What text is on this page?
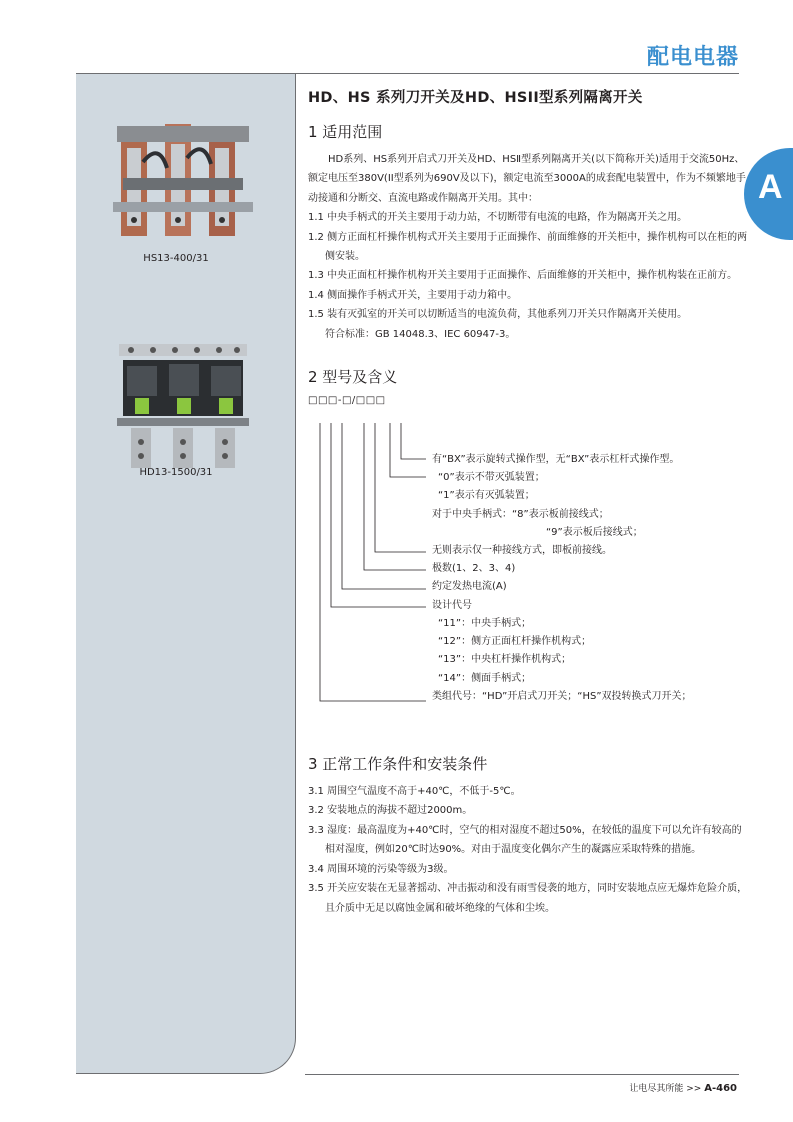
配电电器
HS13-400/31
HD13-1500/31
A
HD、HS 系列刀开关及HD、HSII型系列隔离开关
1 适用范围

HD系列、HS系列开启式刀开关及HD、HSⅡ型系列隔离开关(以下简称开关)适用于交流50Hz、额定电压至380V(II型系列为690V及以下)，额定电流至3000A的成套配电装置中，作为不频繁地手动接通和分断交、直流电路或作隔离开关用。其中：

1.1 中央手柄式的开关主要用于动力站，不切断带有电流的电路，作为隔离开关之用。

1.2 侧方正面杠杆操作机构式开关主要用于正面操作、前面维修的开关柜中，操作机构可以在柜的两侧安装。

1.3 中央正面杠杆操作机构开关主要用于正面操作、后面维修的开关柜中，操作机构装在正前方。

1.4 侧面操作手柄式开关，主要用于动力箱中。

1.5 装有灭弧室的开关可以切断适当的电流负荷，其他系列刀开关只作隔离开关使用。

符合标准：GB 14048.3、IEC 60947-3。

2 型号及含义
□□□-□/□□□
有“BX”表示旋转式操作型，无“BX”表示杠杆式操作型。
“0”表示不带灭弧装置；
“1”表示有灭弧装置；
对于中央手柄式：“8”表示板前接线式；
“9”表示板后接线式；
无则表示仅一种接线方式，即板前接线。
极数(1、2、3、4)
约定发热电流(A)
设计代号
“11”：中央手柄式；
“12”：侧方正面杠杆操作机构式；
“13”：中央杠杆操作机构式；
“14”：侧面手柄式；
类组代号：“HD”开启式刀开关；“HS”双投转换式刀开关；
3 正常工作条件和安装条件

3.1 周围空气温度不高于+40℃，不低于-5℃。

3.2 安装地点的海拔不超过2000m。

3.3 湿度：最高温度为+40℃时，空气的相对湿度不超过50%，在较低的温度下可以允许有较高的相对湿度，例如20℃时达90%。对由于温度变化偶尔产生的凝露应采取特殊的措施。

3.4 周围环境的污染等级为3级。

3.5 开关应安装在无显著摇动、冲击振动和没有雨雪侵袭的地方，同时安装地点应无爆炸危险介质，且介质中无足以腐蚀金属和破坏绝缘的气体和尘埃。

让电尽其所能 >> A-460
